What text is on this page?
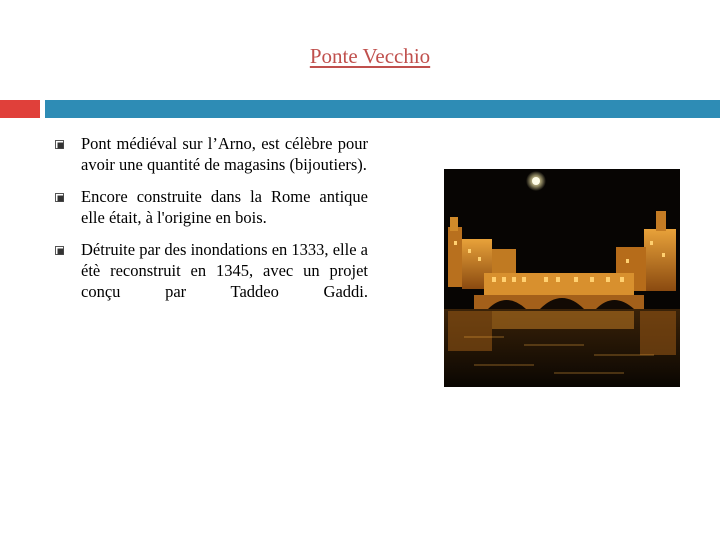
Ponte Vecchio
Pont médiéval sur l’Arno, est célèbre pour avoir une quantité de magasins (bijoutiers).
Encore construite dans la Rome antique elle était, à l'origine en bois.
Détruite par des inondations en 1333, elle a étè reconstruit en 1345, avec un projet conçu par Taddeo Gaddi.
